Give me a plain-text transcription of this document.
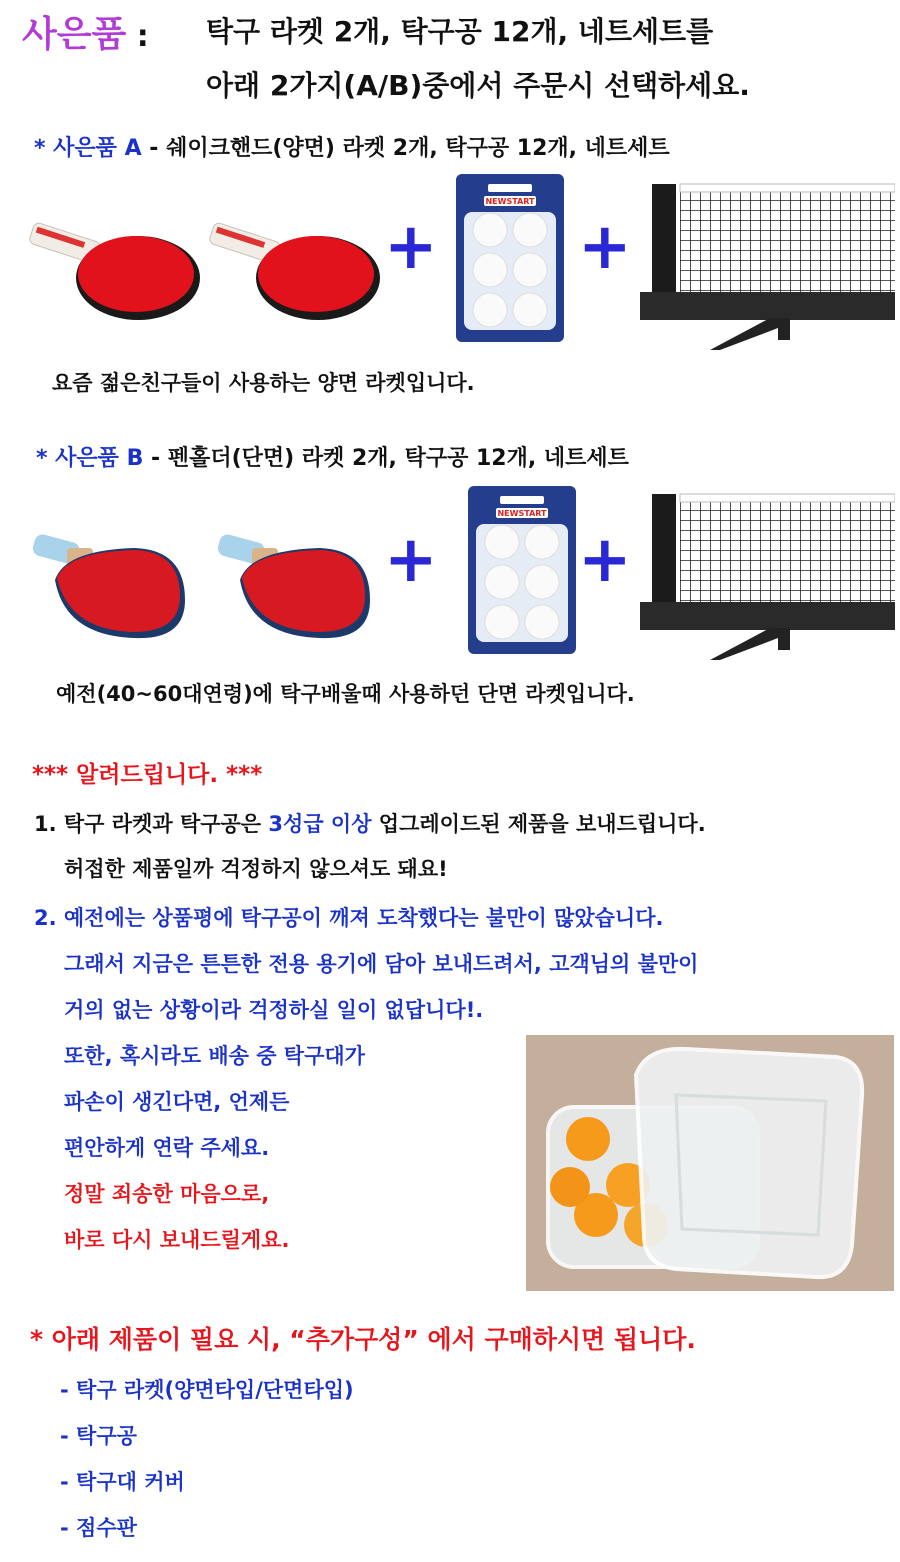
사은품 : 탁구 라켓 2개, 탁구공 12개, 네트세트를
아래 2가지(A/B)중에서 주문시 선택하세요.
* 사은품 A - 쉐이크핸드(양면) 라켓 2개, 탁구공 12개, 네트세트
+
NEWSTART
+
요즘 젊은친구들이 사용하는 양면 라켓입니다.
* 사은품 B - 펜홀더(단면) 라켓 2개, 탁구공 12개, 네트세트
+
NEWSTART
+
예전(40~60대연령)에 탁구배울때 사용하던 단면 라켓입니다.
*** 알려드립니다. ***
1. 탁구 라켓과 탁구공은 3성급 이상 업그레이드된 제품을 보내드립니다.
허접한 제품일까 걱정하지 않으셔도 돼요!
2. 예전에는 상품평에 탁구공이 깨져 도착했다는 불만이 많았습니다.
그래서 지금은 튼튼한 전용 용기에 담아 보내드려서, 고객님의 불만이
거의 없는 상황이라 걱정하실 일이 없답니다!.
또한, 혹시라도 배송 중 탁구대가
파손이 생긴다면, 언제든
편안하게 연락 주세요.
정말 죄송한 마음으로,
바로 다시 보내드릴게요.
* 아래 제품이 필요 시, “추가구성” 에서 구매하시면 됩니다.
- 탁구 라켓(양면타입/단면타입)
- 탁구공
- 탁구대 커버
- 점수판
